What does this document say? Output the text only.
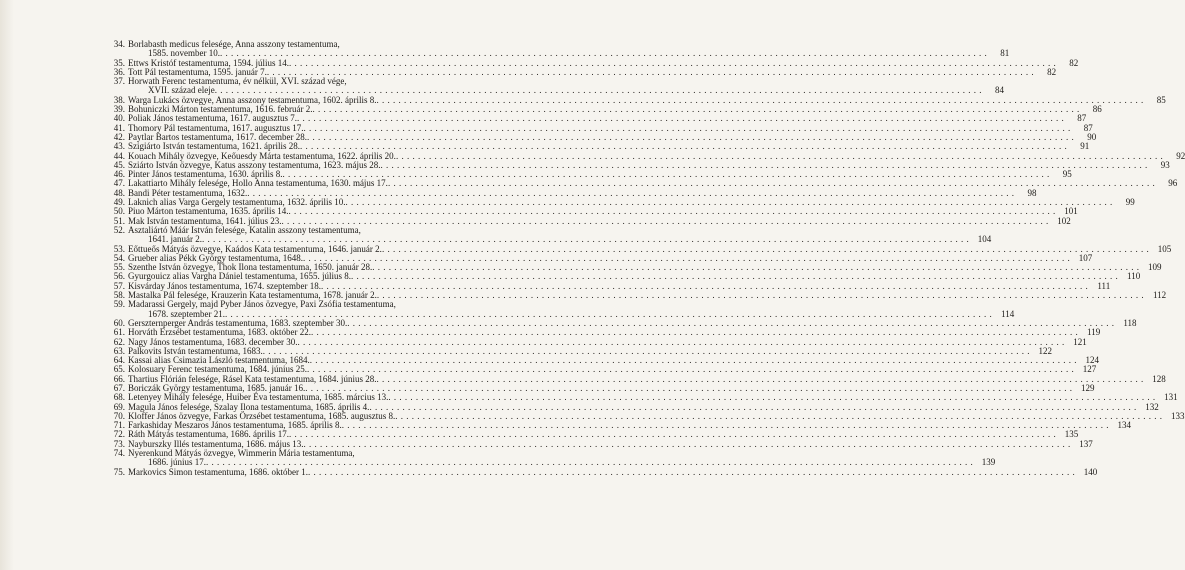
34. Borlabasth medicus felesége, Anna asszony testamentuma,
1585. november 10. . . .	81
35. Ettws Kristóf testamentuma, 1594. július 14. . . .	82
36. Tott Pál testamentuma, 1595. január 7. . . .	82
37. Horwath Ferenc testamentuma, év nélkül, XVI. század vége,
XVII. század eleje . . .	84
38. Warga Lukács özvegye, Anna asszony testamentuma, 1602. április 8. . . .	85
39. Bohuniczki Márton testamentuma, 1616. február 2. . . .	86
40. Poliak János testamentuma, 1617. augusztus 7. . . .	87
41. Thomory Pál testamentuma, 1617. augusztus 17. . . .	87
42. Paytlar Bartos testamentuma, 1617. december 28. . . .	90
43. Szigiárto István testamentuma, 1621. április 28. . . .	91
44. Kouach Mihály özvegye, Keőuesdy Márta testamentuma, 1622. április 20. . . .	92
45. Sziárto István özvegye, Katus asszony testamentuma, 1623. május 28. . . .	93
46. Pinter János testamentuma, 1630. április 8. . . .	95
47. Lakattiarto Mihály felesége, Hollo Anna testamentuma, 1630. május 17. . . .	96
48. Bandi Péter testamentuma, 1632. . . .	98
49. Laknich alias Varga Gergely testamentuma, 1632. április 10. . . .	99
50. Piuo Márton testamentuma, 1635. április 14. . . .	101
51. Mak István testamentuma, 1641. július 23. . . .	102
52. Asztaliártó Máár István felesége, Katalin asszony testamentuma,
1641. január 2. . . .	104
53. Eőttueős Mátyás özvegye, Kaádos Kata testamentuma, 1646. január 2. . . .	105
54. Grueber alias Pékk György testamentuma, 1648. . . .	107
55. Szenthe István özvegye, Thok Ilona testamentuma, 1650. január 28. . . .	109
56. Gyurgouicz alias Vargha Dániel testamentuma, 1655. július 8. . . .	110
57. Kisvárday János testamentuma, 1674. szeptember 18. . . .	111
58. Mastalka Pál felesége, Krauzerin Kata testamentuma, 1678. január 2. . . .	112
59. Madarassi Gergely, majd Pyber János özvegye, Paxi Zsófia testamentuma,
1678. szeptember 21. . . .	114
60. Gerszternperger András testamentuma, 1683. szeptember 30. . . .	118
61. Horváth Erzsébet testamentuma, 1683. október 22. . . .	119
62. Nagy János testamentuma, 1683. december 30. . . .	121
63. Palkovits István testamentuma, 1683. . . .	122
64. Kassai alias Csimazia László testamentuma, 1684. . . .	124
65. Kolosuary Ferenc testamentuma, 1684. június 25. . . .	127
66. Thartius Flórián felesége, Rásel Kata testamentuma, 1684. június 28. . . .	128
67. Boriczák György testamentuma, 1685. január 16. . . .	129
68. Letenyey Mihály felesége, Huiber Éva testamentuma, 1685. március 13. . . .	131
69. Magula János felesége, Szalay Ilona testamentuma, 1685. április 4. . . .	132
70. Kloffer János özvegye, Farkas Örzsébet testamentuma, 1685. augusztus 8. . . .	133
71. Farkashiday Meszaros János testamentuma, 1685. április 8. . . .	134
72. Ráth Mátyás testamentuma, 1686. április 17. . . .	135
73. Nayburszky Illés testamentuma, 1686. május 13. . . .	137
74. Nyerenkund Mátyás özvegye, Wimmerin Mária testamentuma,
1686. június 17. . . .	139
75. Markovics Simon testamentuma, 1686. október 1. . . .	140
